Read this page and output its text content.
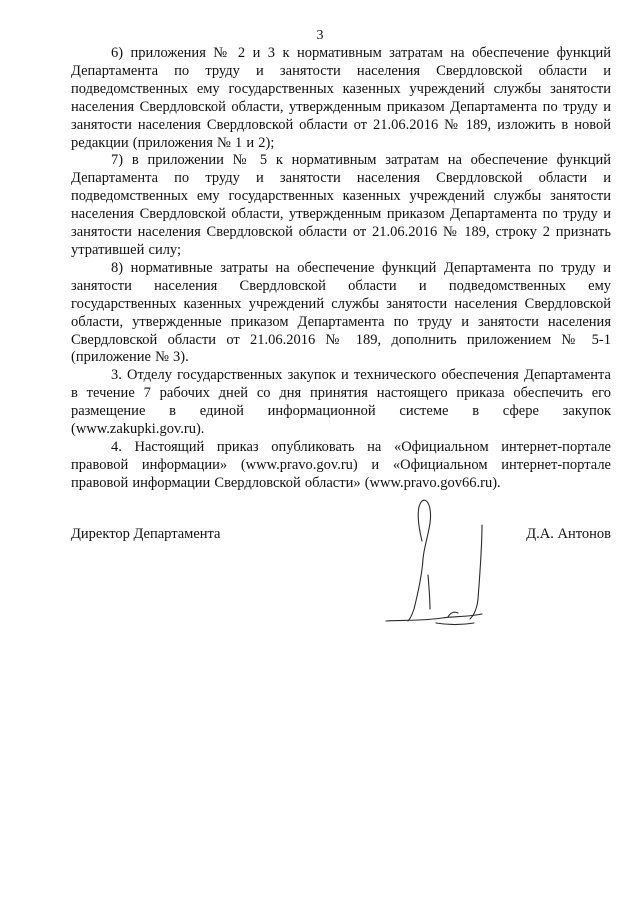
3

6) приложения № 2 и 3 к нормативным затратам на обеспечение функций Департамента по труду и занятости населения Свердловской области и подведомственных ему государственных казенных учреждений службы занятости населения Свердловской области, утвержденным приказом Департамента по труду и занятости населения Свердловской области от 21.06.2016 № 189, изложить в новой редакции (приложения № 1 и 2);

7) в приложении № 5 к нормативным затратам на обеспечение функций Департамента по труду и занятости населения Свердловской области и подведомственных ему государственных казенных учреждений службы занятости населения Свердловской области, утвержденным приказом Департамента по труду и занятости населения Свердловской области от 21.06.2016 № 189, строку 2 признать утратившей силу;

8) нормативные затраты на обеспечение функций Департамента по труду и занятости населения Свердловской области и подведомственных ему государственных казенных учреждений службы занятости населения Свердловской области, утвержденные приказом Департамента по труду и занятости населения Свердловской области от 21.06.2016 № 189, дополнить приложением № 5-1 (приложение № 3).

3. Отделу государственных закупок и технического обеспечения Департамента в течение 7 рабочих дней со дня принятия настоящего приказа обеспечить его размещение в единой информационной системе в сфере закупок (www.zakupki.gov.ru).

4. Настоящий приказ опубликовать на «Официальном интернет-портале правовой информации» (www.pravo.gov.ru) и «Официальном интернет-портале правовой информации Свердловской области» (www.pravo.gov66.ru).

Директор Департамента	Д.А. Антонов
